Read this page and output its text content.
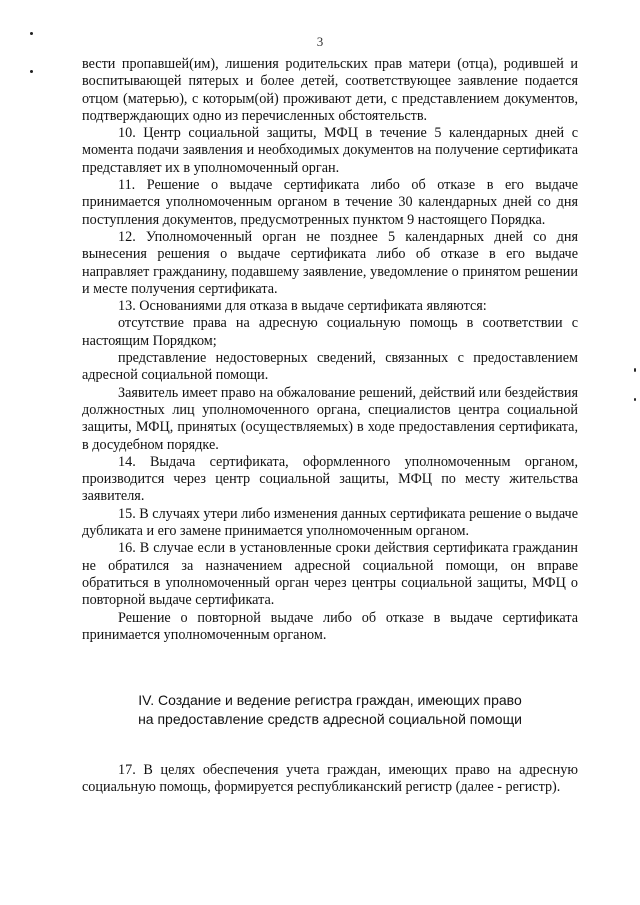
3

вести пропавшей(им), лишения родительских прав матери (отца), родившей и воспитывающей пятерых и более детей, соответствующее заявление подается отцом (матерью), с которым(ой) проживают дети, с представлением документов, подтверждающих одно из перечисленных обстоятельств.

10. Центр социальной защиты, МФЦ в течение 5 календарных дней с момента подачи заявления и необходимых документов на получение сертификата представляет их в уполномоченный орган.

11. Решение о выдаче сертификата либо об отказе в его выдаче принимается уполномоченным органом в течение 30 календарных дней со дня поступления документов, предусмотренных пунктом 9 настоящего Порядка.

12. Уполномоченный орган не позднее 5 календарных дней со дня вынесения решения о выдаче сертификата либо об отказе в его выдаче направляет гражданину, подавшему заявление, уведомление о принятом решении и месте получения сертификата.

13. Основаниями для отказа в выдаче сертификата являются:

отсутствие права на адресную социальную помощь в соответствии с настоящим Порядком;

представление недостоверных сведений, связанных с предоставлением адресной социальной помощи.

Заявитель имеет право на обжалование решений, действий или бездействия должностных лиц уполномоченного органа, специалистов центра социальной защиты, МФЦ, принятых (осуществляемых) в ходе предоставления сертификата, в досудебном порядке.

14. Выдача сертификата, оформленного уполномоченным органом, производится через центр социальной защиты, МФЦ по месту жительства заявителя.

15. В случаях утери либо изменения данных сертификата решение о выдаче дубликата и его замене принимается уполномоченным органом.

16. В случае если в установленные сроки действия сертификата гражданин не обратился за назначением адресной социальной помощи, он вправе обратиться в уполномоченный орган через центры социальной защиты, МФЦ о повторной выдаче сертификата.

Решение о повторной выдаче либо об отказе в выдаче сертификата принимается уполномоченным органом.

IV. Создание и ведение регистра граждан, имеющих право
на предоставление средств адресной социальной помощи

17. В целях обеспечения учета граждан, имеющих право на адресную социальную помощь, формируется республиканский регистр (далее - регистр).
